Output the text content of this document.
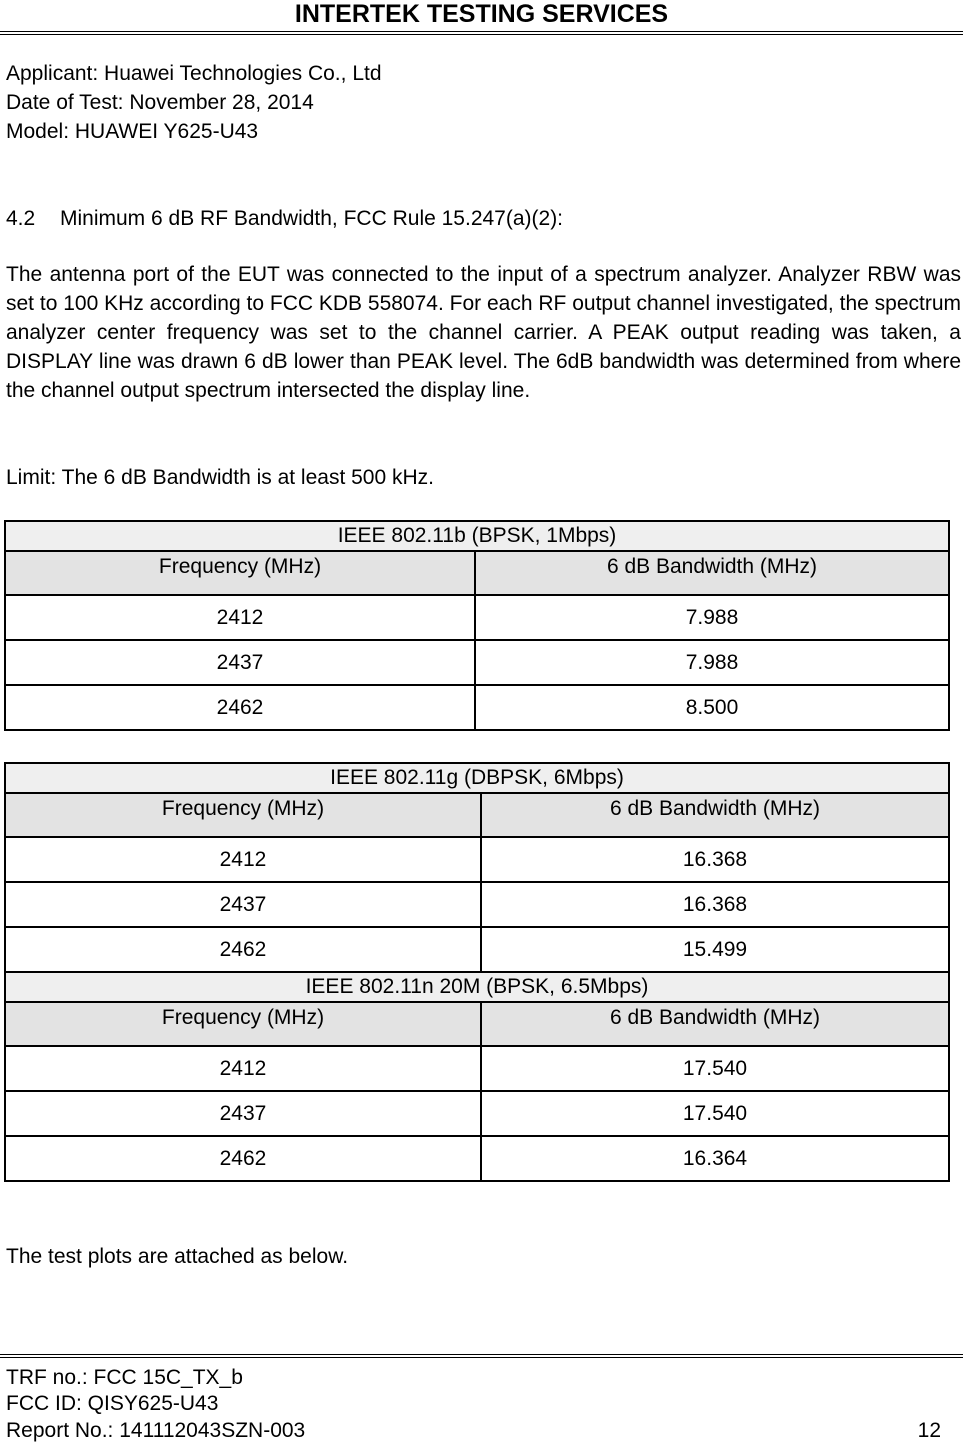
INTERTEK TESTING SERVICES
Applicant: Huawei Technologies Co., Ltd
Date of Test: November 28, 2014
Model: HUAWEI Y625-U43
4.2 Minimum 6 dB RF Bandwidth, FCC Rule 15.247(a)(2):

The antenna port of the EUT was connected to the input of a spectrum analyzer. Analyzer RBW was set to 100 KHz according to FCC KDB 558074. For each RF output channel investigated, the spectrum analyzer center frequency was set to the channel carrier. A PEAK output reading was taken, a DISPLAY line was drawn 6 dB lower than PEAK level. The 6dB bandwidth was determined from where the channel output spectrum intersected the display line.

Limit: The 6 dB Bandwidth is at least 500 kHz.
IEEE 802.11b (BPSK, 1Mbps)	
Frequency (MHz)	6 dB Bandwidth (MHz)
2412	7.988
2437	7.988
2462	8.500
IEEE 802.11g (DBPSK, 6Mbps)	
Frequency (MHz)	6 dB Bandwidth (MHz)
2412	16.368
2437	16.368
2462	15.499
IEEE 802.11n 20M (BPSK, 6.5Mbps)	
Frequency (MHz)	6 dB Bandwidth (MHz)
2412	17.540
2437	17.540
2462	16.364
The test plots are attached as below.
TRF no.: FCC 15C_TX_b
FCC ID: QISY625-U43
Report No.: 141112043SZN-003	12
